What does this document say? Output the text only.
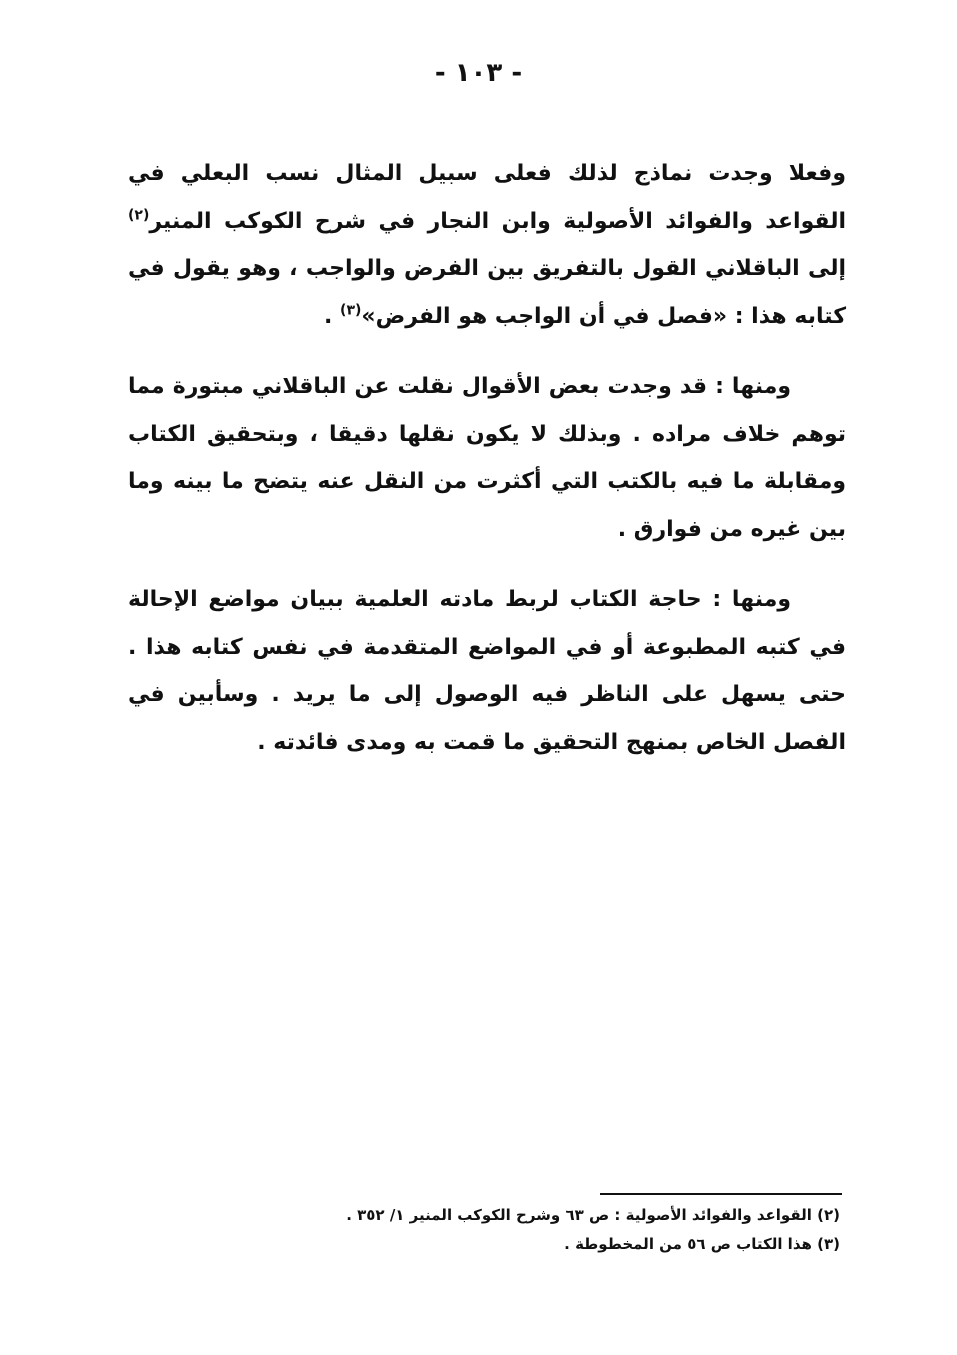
- ١٠٣ -

وفعلا وجدت نماذج لذلك فعلى سبيل المثال نسب البعلي في القواعد والفوائد الأصولية وابن النجار في شرح الكوكب المنير$^{(٢)}$ إلى الباقلاني القول بالتفريق بين الفرض والواجب ، وهو يقول في كتابه هذا : «فصل في أن الواجب هو الفرض»$^{(٣)}$ .

ومنها : قد وجدت بعض الأقوال نقلت عن الباقلاني مبتورة مما توهم خلاف مراده . وبذلك لا يكون نقلها دقيقا ، وبتحقيق الكتاب ومقابلة ما فيه بالكتب التي أكثرت من النقل عنه يتضح ما بينه وما بين غيره من فوارق .

ومنها : حاجة الكتاب لربط مادته العلمية ببيان مواضع الإحالة في كتبه المطبوعة أو في المواضع المتقدمة في نفس كتابه هذا . حتى يسهل على الناظر فيه الوصول إلى ما يريد . وسأبين في الفصل الخاص بمنهج التحقيق ما قمت به ومدى فائدته .

(٢) القواعد والفوائد الأصولية : ص ٦٣ وشرح الكوكب المنير ١/ ٣٥٢ .
(٣) هذا الكتاب ص ٥٦ من المخطوطة .
